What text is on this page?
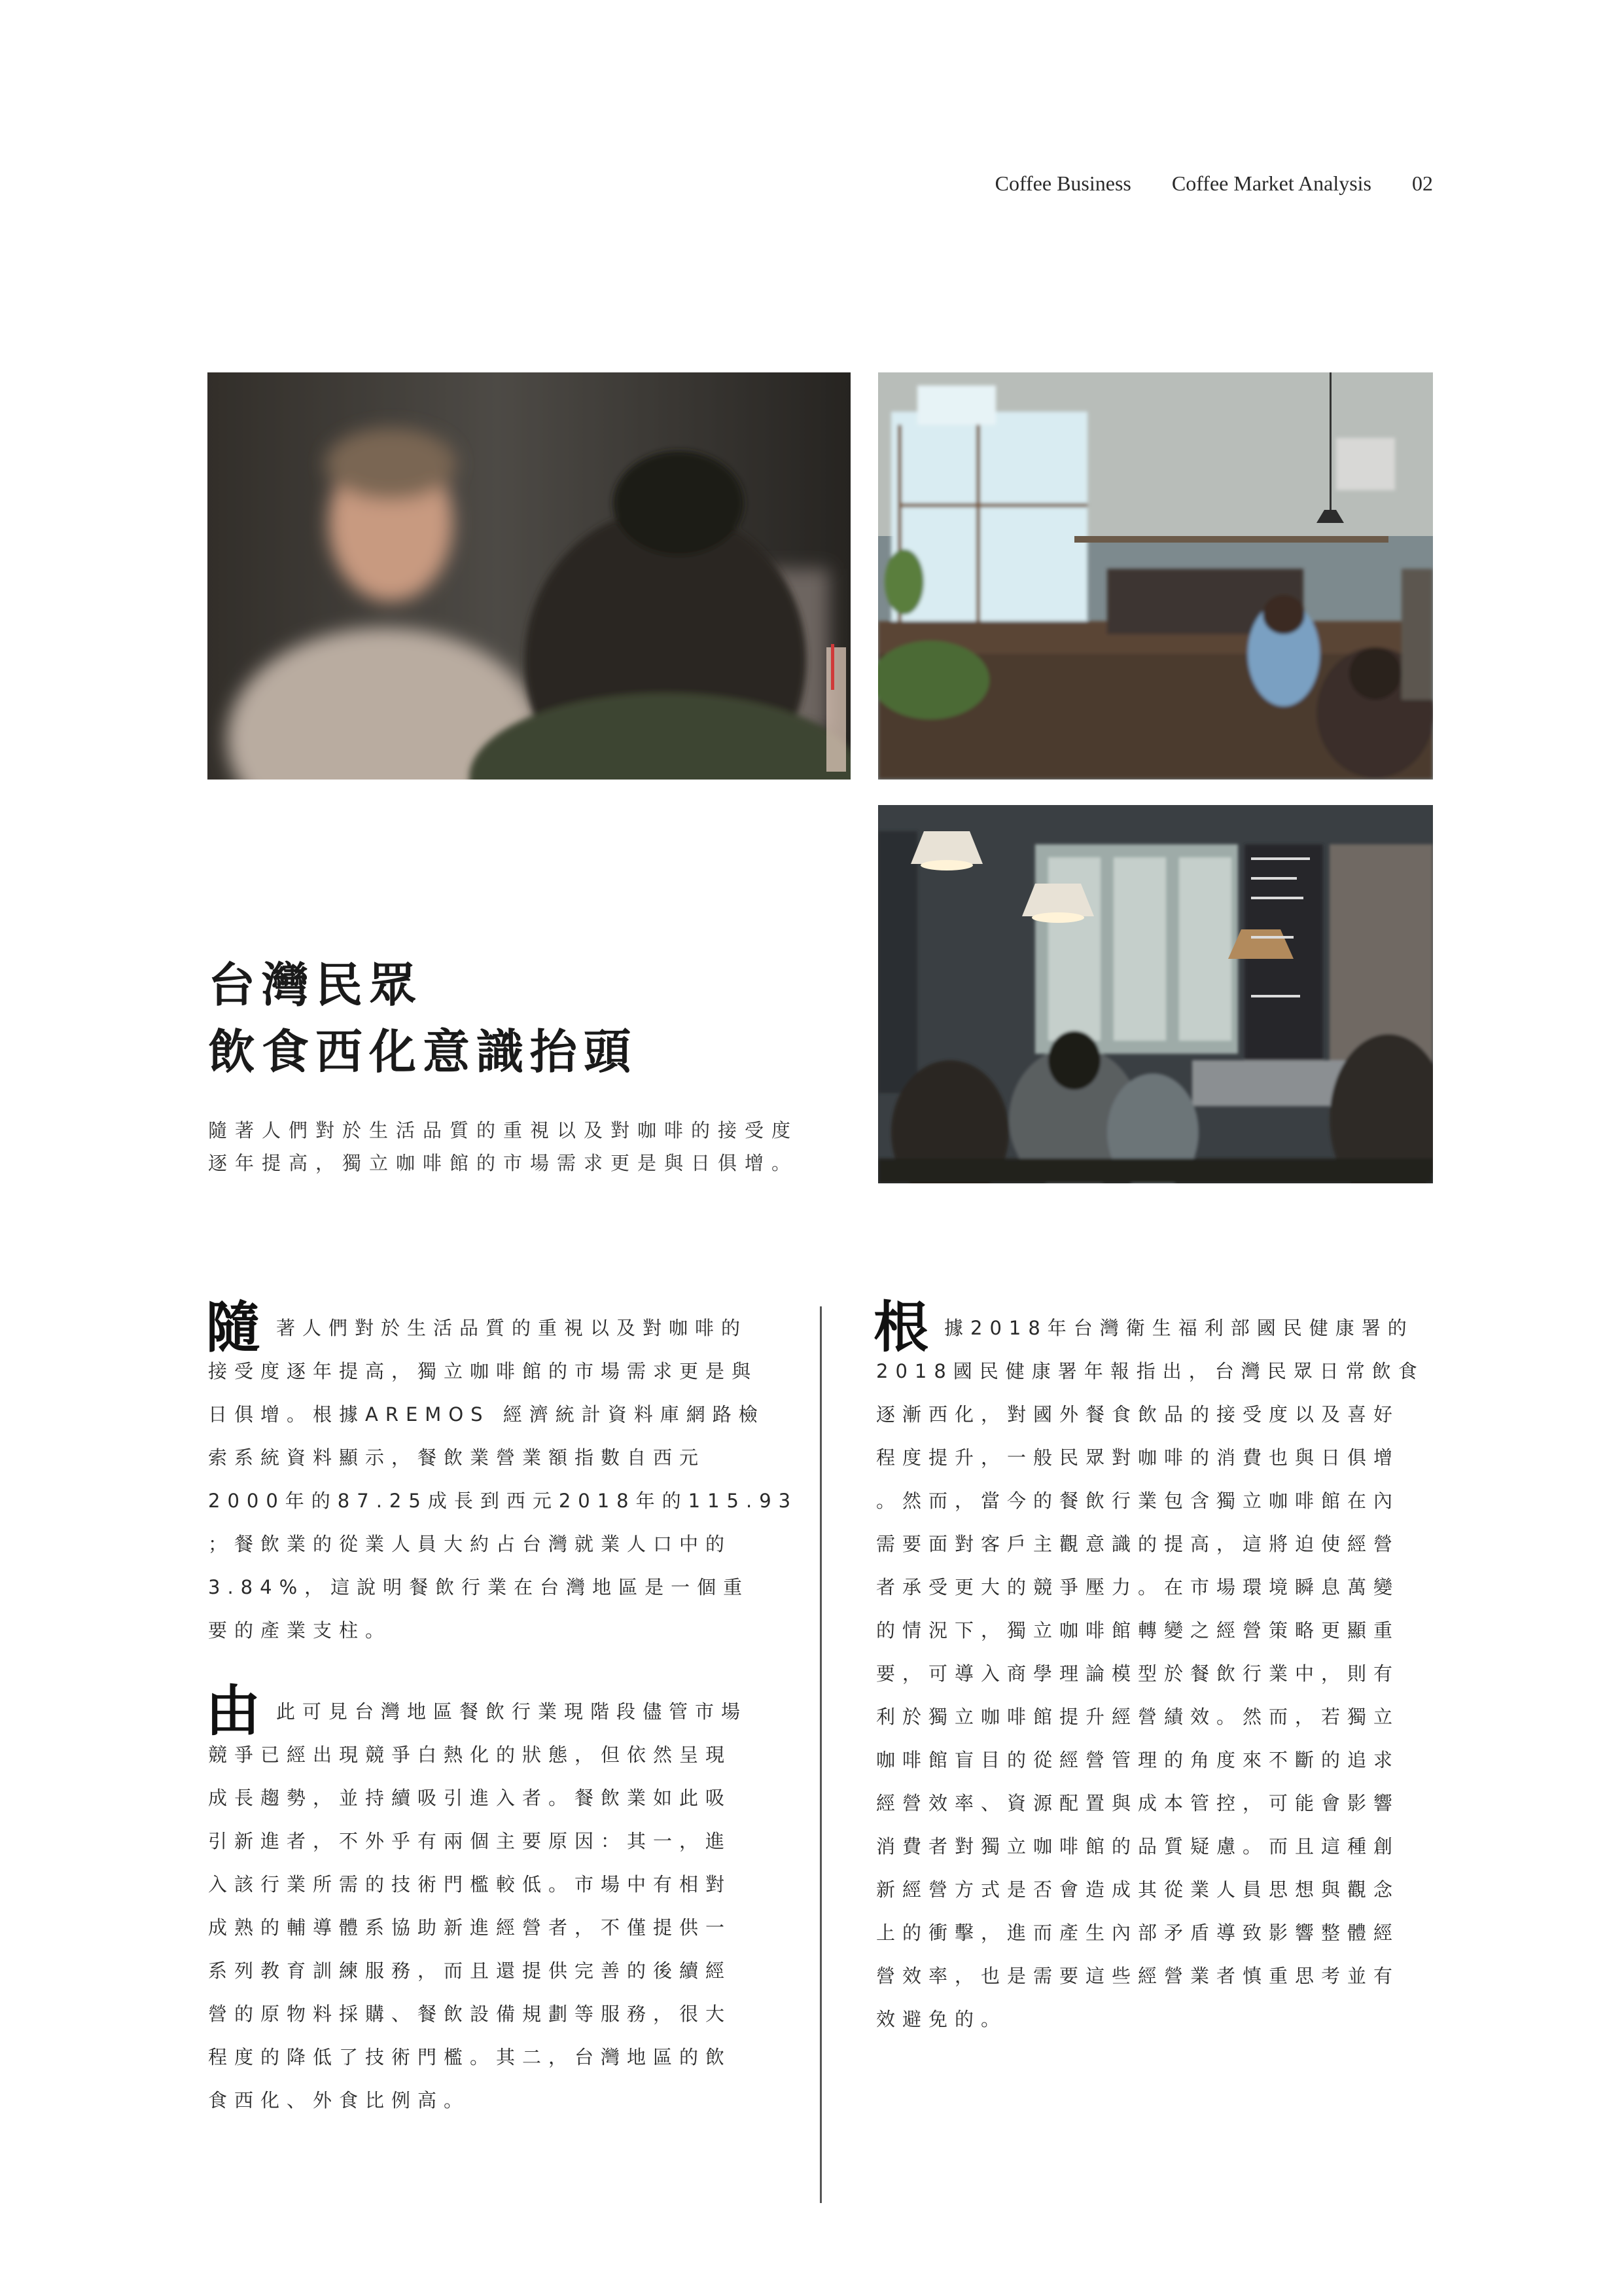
Coffee Business Coffee Market Analysis 02
台灣民眾
飲食西化意識抬頭
隨著人們對於生活品質的重視以及對咖啡的接受度
逐年提高，獨立咖啡館的市場需求更是與日俱增。
隨 著人們對於生活品質的重視以及對咖啡的
接受度逐年提高，獨立咖啡館的市場需求更是與
日俱增。根據AREMOS 經濟統計資料庫網路檢
索系統資料顯示，餐飲業營業額指數自西元
2000年的87.25成長到西元2018年的115.93
；餐飲業的從業人員大約占台灣就業人口中的
3.84%，這說明餐飲行業在台灣地區是一個重
要的產業支柱。
由 此可見台灣地區餐飲行業現階段儘管市場
競爭已經出現競爭白熱化的狀態，但依然呈現
成長趨勢，並持續吸引進入者。餐飲業如此吸
引新進者，不外乎有兩個主要原因：其一，進
入該行業所需的技術門檻較低。市場中有相對
成熟的輔導體系協助新進經營者，不僅提供一
系列教育訓練服務，而且還提供完善的後續經
營的原物料採購、餐飲設備規劃等服務，很大
程度的降低了技術門檻。其二，台灣地區的飲
食西化、外食比例高。
根 據2018年台灣衛生福利部國民健康署的
2018國民健康署年報指出，台灣民眾日常飲食
逐漸西化，對國外餐食飲品的接受度以及喜好
程度提升，一般民眾對咖啡的消費也與日俱增
。然而，當今的餐飲行業包含獨立咖啡館在內
需要面對客戶主觀意識的提高，這將迫使經營
者承受更大的競爭壓力。在市場環境瞬息萬變
的情況下，獨立咖啡館轉變之經營策略更顯重
要，可導入商學理論模型於餐飲行業中，則有
利於獨立咖啡館提升經營績效。然而，若獨立
咖啡館盲目的從經營管理的角度來不斷的追求
經營效率、資源配置與成本管控，可能會影響
消費者對獨立咖啡館的品質疑慮。而且這種創
新經營方式是否會造成其從業人員思想與觀念
上的衝擊，進而產生內部矛盾導致影響整體經
營效率，也是需要這些經營業者慎重思考並有
效避免的。
